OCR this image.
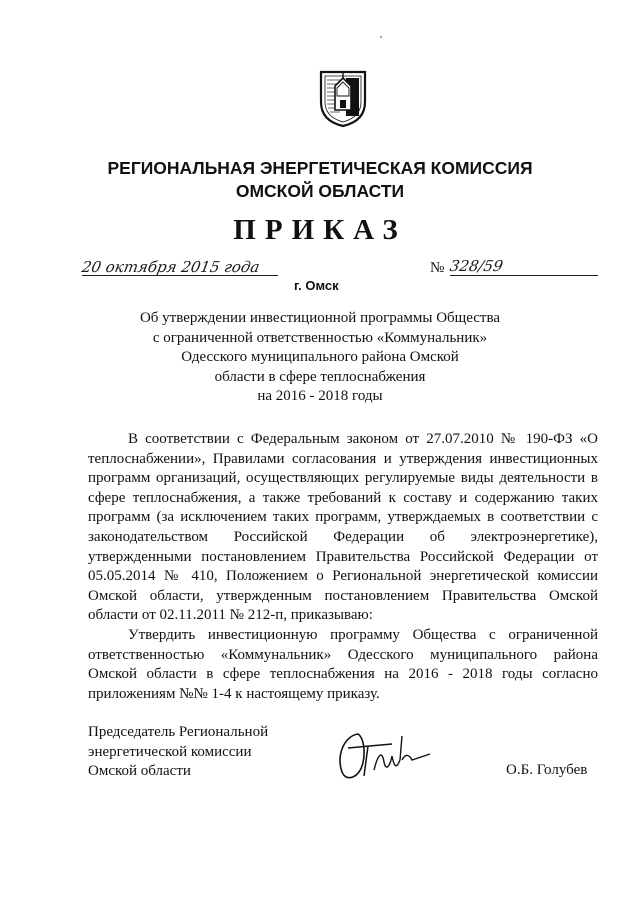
РЕГИОНАЛЬНАЯ ЭНЕРГЕТИЧЕСКАЯ КОМИССИЯ
ОМСКОЙ ОБЛАСТИ
ПРИКАЗ
20 октября 2015 года
г. Омск
№ 328/59
Об утверждении инвестиционной программы Общества
с ограниченной ответственностью «Коммунальник»
Одесского муниципального района Омской
области в сфере теплоснабжения
на 2016 - 2018 годы

В соответствии с Федеральным законом от 27.07.2010 № 190-ФЗ «О теплоснабжении», Правилами согласования и утверждения инвестиционных программ организаций, осуществляющих регулируемые виды деятельности в сфере теплоснабжения, а также требований к составу и содержанию таких программ (за исключением таких программ, утверждаемых в соответствии с законодательством Российской Федерации об электроэнергетике), утвержденными постановлением Правительства Российской Федерации от 05.05.2014 № 410, Положением о Региональной энергетической комиссии Омской области, утвержденным постановлением Правительства Омской области от 02.11.2011 № 212-п, приказываю:

Утвердить инвестиционную программу Общества с ограниченной ответственностью «Коммунальник» Одесского муниципального района Омской области в сфере теплоснабжения на 2016 - 2018 годы согласно приложениям №№ 1-4 к настоящему приказу.

Председатель Региональной
энергетической комиссии
Омской области	О.Б. Голубев
